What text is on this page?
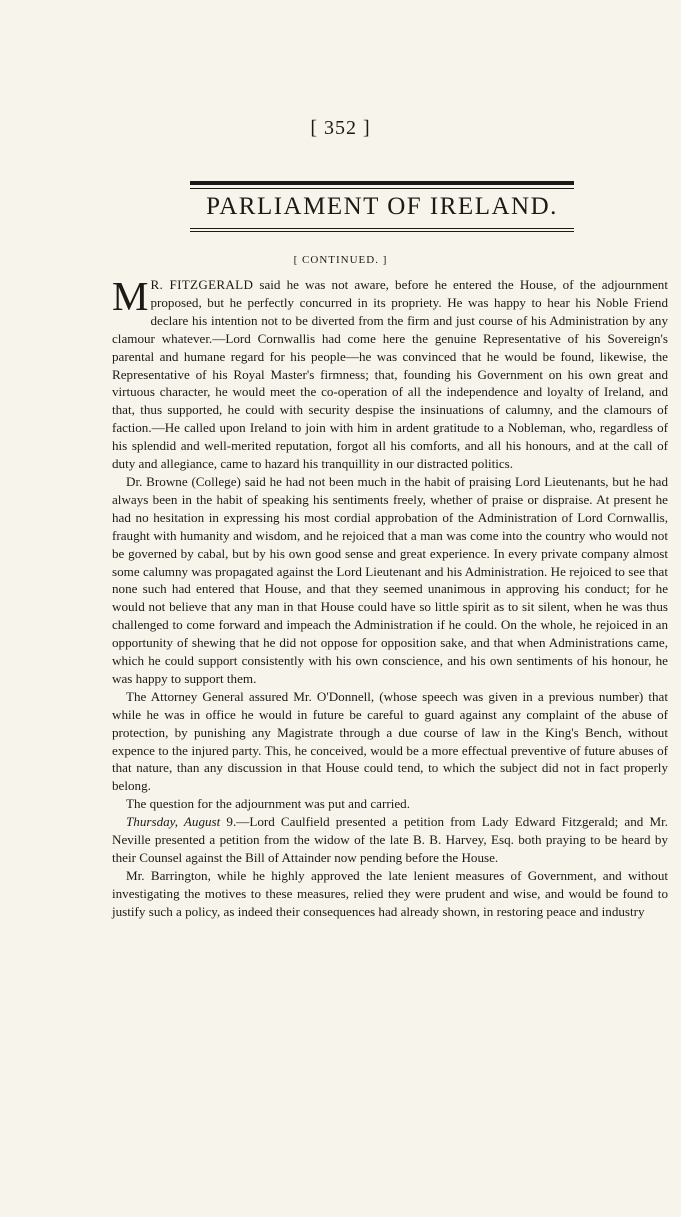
[ 352 ]
PARLIAMENT OF IRELAND.
[ CONTINUED. ]

M R. FITZGERALD said he was not aware, before he entered the House, of the adjournment proposed, but he perfectly concurred in its propriety. He was happy to hear his Noble Friend declare his intention not to be diverted from the firm and just course of his Administration by any clamour whatever.—Lord Cornwallis had come here the genuine Representative of his Sovereign's parental and humane regard for his people—he was convinced that he would be found, likewise, the Representative of his Royal Master's firmness; that, founding his Government on his own great and virtuous character, he would meet the co-operation of all the independence and loyalty of Ireland, and that, thus supported, he could with security despise the insinuations of calumny, and the clamours of faction.—He called upon Ireland to join with him in ardent gratitude to a Nobleman, who, regardless of his splendid and well-merited reputation, forgot all his comforts, and all his honours, and at the call of duty and allegiance, came to hazard his tranquillity in our distracted politics.

Dr. Browne (College) said he had not been much in the habit of praising Lord Lieutenants, but he had always been in the habit of speaking his sentiments freely, whether of praise or dispraise. At present he had no hesitation in expressing his most cordial approbation of the Administration of Lord Cornwallis, fraught with humanity and wisdom, and he rejoiced that a man was come into the country who would not be governed by cabal, but by his own good sense and great experience. In every private company almost some calumny was propagated against the Lord Lieutenant and his Administration. He rejoiced to see that none such had entered that House, and that they seemed unanimous in approving his conduct; for he would not believe that any man in that House could have so little spirit as to sit silent, when he was thus challenged to come forward and impeach the Administration if he could. On the whole, he rejoiced in an opportunity of shewing that he did not oppose for opposition sake, and that when Administrations came, which he could support consistently with his own conscience, and his own sentiments of his honour, he was happy to support them.

The Attorney General assured Mr. O'Donnell, (whose speech was given in a previous number) that while he was in office he would in future be careful to guard against any complaint of the abuse of protection, by punishing any Magistrate through a due course of law in the King's Bench, without expence to the injured party. This, he conceived, would be a more effectual preventive of future abuses of that nature, than any discussion in that House could tend, to which the subject did not in fact properly belong.

The question for the adjournment was put and carried.

Thursday, August 9.—Lord Caulfield presented a petition from Lady Edward Fitzgerald; and Mr. Neville presented a petition from the widow of the late B. B. Harvey, Esq. both praying to be heard by their Counsel against the Bill of Attainder now pending before the House.

Mr. Barrington, while he highly approved the late lenient measures of Government, and without investigating the motives to these measures, relied they were prudent and wise, and would be found to justify such a policy, as indeed their consequences had already shown, in restoring peace and industry
